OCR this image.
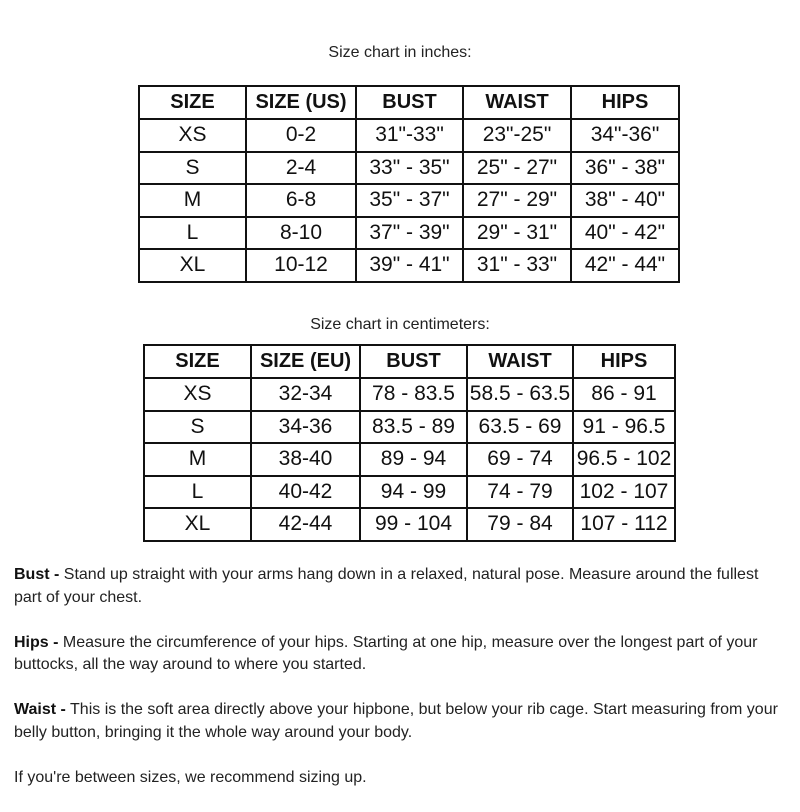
Size chart in inches:
SIZE	SIZE (US)	BUST	WAIST	HIPS
XS	0-2	31"-33"	23"-25"	34"-36"
S	2-4	33" - 35"	25" - 27"	36" - 38"
M	6-8	35" - 37"	27" - 29"	38" - 40"
L	8-10	37" - 39"	29" - 31"	40" - 42"
XL	10-12	39" - 41"	31" - 33"	42" - 44"
Size chart in centimeters:
SIZE	SIZE (EU)	BUST	WAIST	HIPS
XS	32-34	78 - 83.5	58.5 - 63.5	86 - 91
S	34-36	83.5 - 89	63.5 - 69	91 - 96.5
M	38-40	89 - 94	69 - 74	96.5 - 102
L	40-42	94 - 99	74 - 79	102 - 107
XL	42-44	99 - 104	79 - 84	107 - 112

Bust - Stand up straight with your arms hang down in a relaxed, natural pose. Measure around the fullest part of your chest.

Hips - Measure the circumference of your hips. Starting at one hip, measure over the longest part of your buttocks, all the way around to where you started.

Waist - This is the soft area directly above your hipbone, but below your rib cage. Start measuring from your belly button, bringing it the whole way around your body.

If you're between sizes, we recommend sizing up.
